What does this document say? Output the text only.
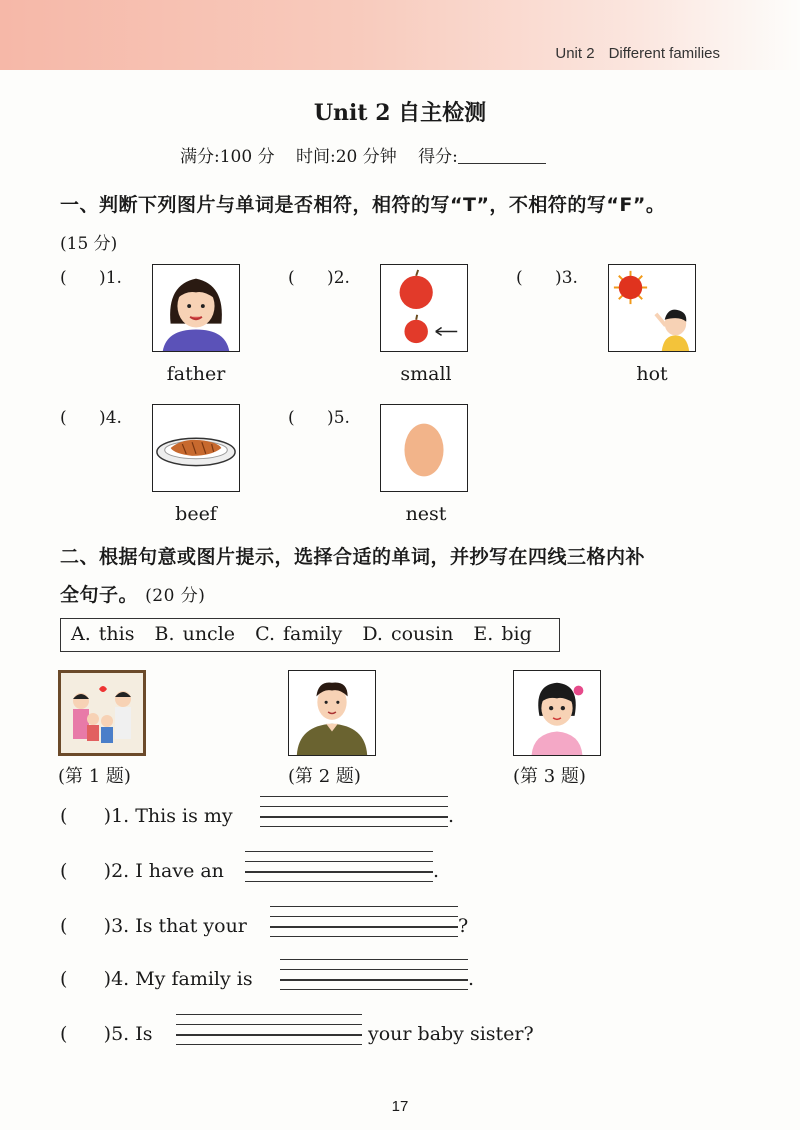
Unit 2 Different families
Unit 2 自主检测
满分:100 分 时间:20 分钟 得分:
一、判断下列图片与单词是否相符，相符的写“T”，不相符的写“F”。
(15 分)
(      )1.
father
(      )2.
small
(      )3.
hot
(      )4.
beef
(      )5.
nest
二、根据句意或图片提示，选择合适的单词，并抄写在四线三格内补
全句子。 (20 分)
A. this B. uncle C. family D. cousin E. big
(第 1 题)	(第 2 题)	(第 3 题)
(      )1. This is my	.
(      )2. I have an	.
(      )3. Is that your	?
(      )4. My family is	.
(      )5. Is	your baby sister?
17
